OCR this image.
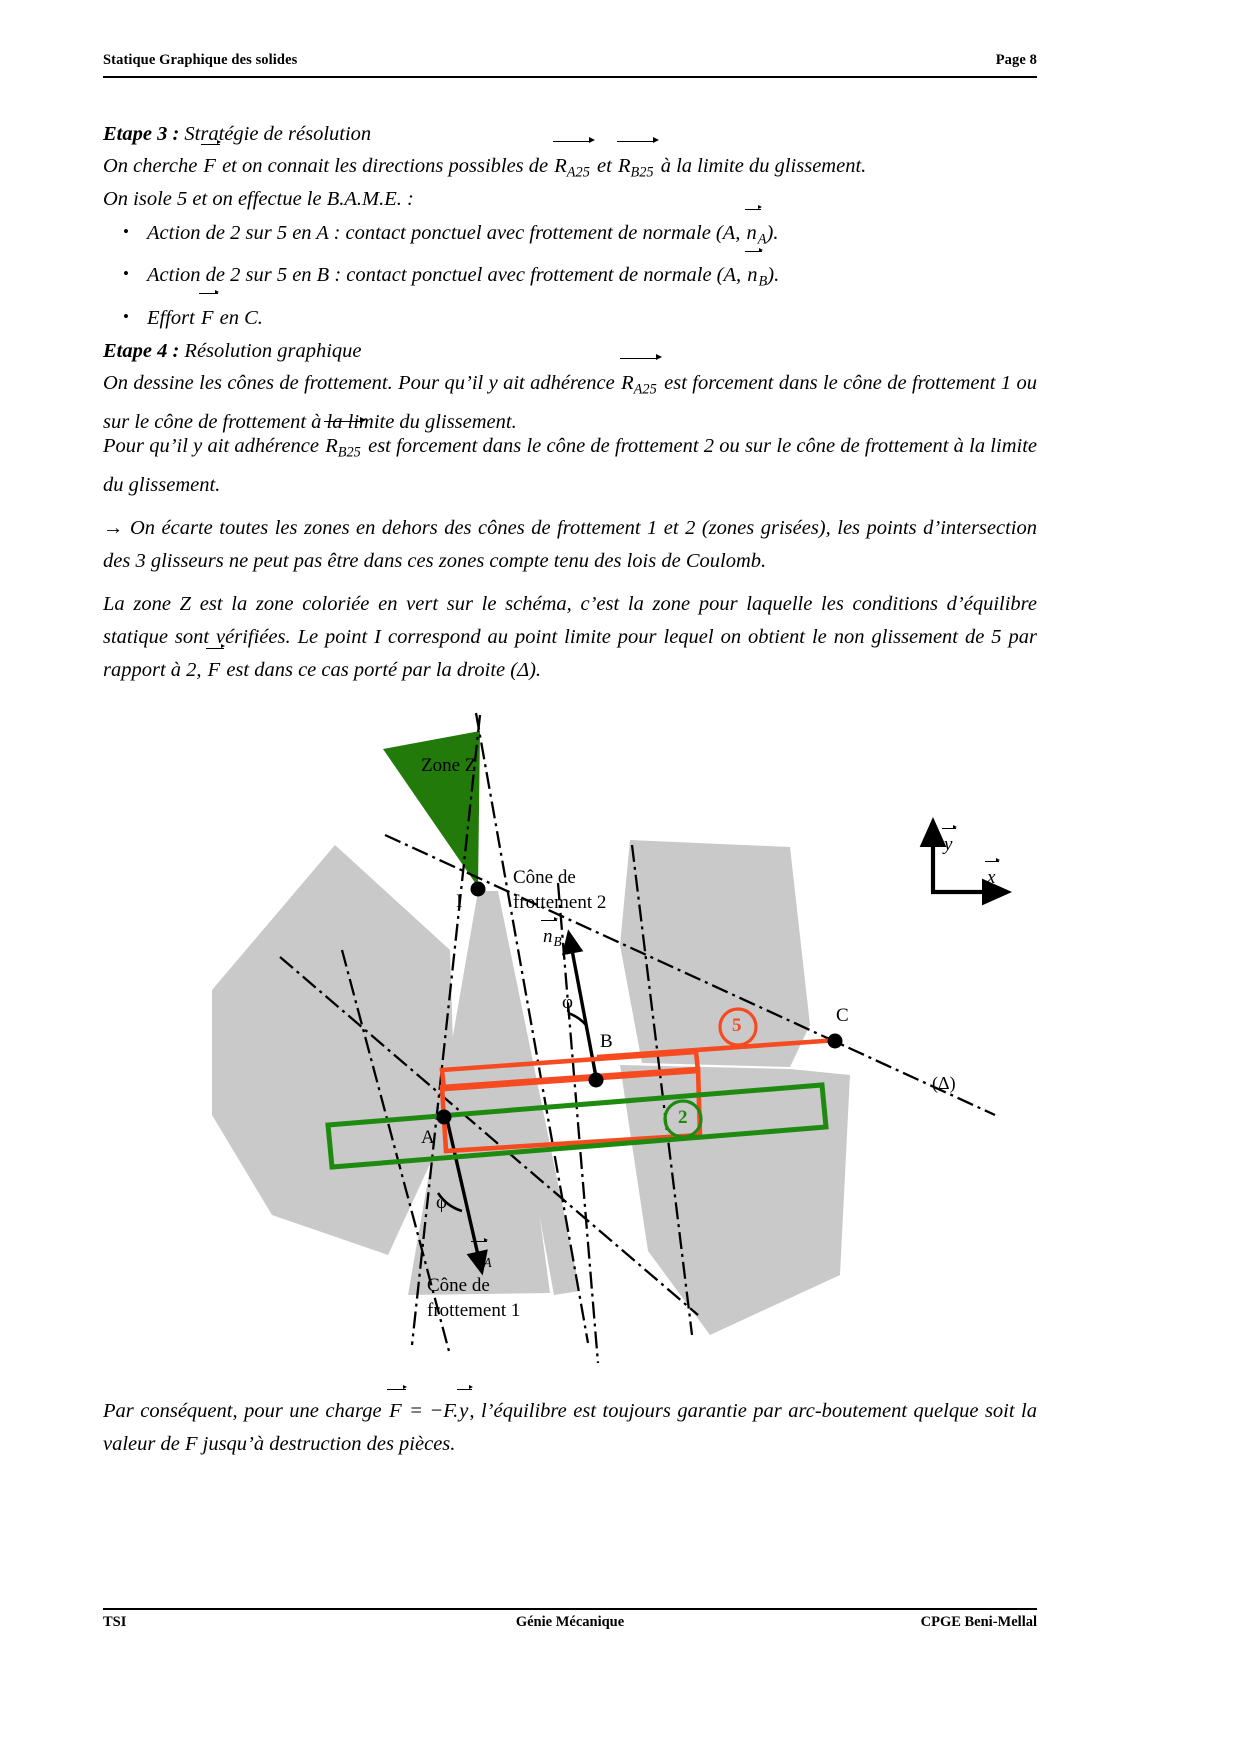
Statique Graphique des solides	Page 8
Etape 3 : Stratégie de résolution
On cherche F et on connait les directions possibles de $R_{A25}$ et $R_{B25}$ à la limite du glissement.
On isole 5 et on effectue le B.A.M.E. :
• Action de 2 sur 5 en A : contact ponctuel avec frottement de normale (A, $n_A$).
• Action de 2 sur 5 en B : contact ponctuel avec frottement de normale (A, $n_B$).
• Effort F en C.
Etape 4 : Résolution graphique
On dessine les cônes de frottement. Pour qu’il y ait adhérence $R_{A25}$ est forcement dans le cône de frottement 1 ou sur le cône de frottement à la limite du glissement.
Pour qu’il y ait adhérence $R_{B25}$ est forcement dans le cône de frottement 2 ou sur le cône de frottement à la limite du glissement.
→ On écarte toutes les zones en dehors des cônes de frottement 1 et 2 (zones grisées), les points d’intersection des 3 glisseurs ne peut pas être dans ces zones compte tenu des lois de Coulomb.
La zone Z est la zone coloriée en vert sur le schéma, c’est la zone pour laquelle les conditions d’équilibre statique sont vérifiées. Le point I correspond au point limite pour lequel on obtient le non glissement de 5 par rapport à 2, F est dans ce cas porté par la droite (Δ).
Zone Z
I
Cône de
frottement 2
$n_B$
φ
B
A
φ
$n_A$
Cône de
frottement 1
5
2
C
(Δ)
y
x
Par conséquent, pour une charge F = −F.y, l’équilibre est toujours garantie par arc-boutement quelque soit la valeur de F jusqu’à destruction des pièces.
TSI	Génie Mécanique	CPGE Beni-Mellal
